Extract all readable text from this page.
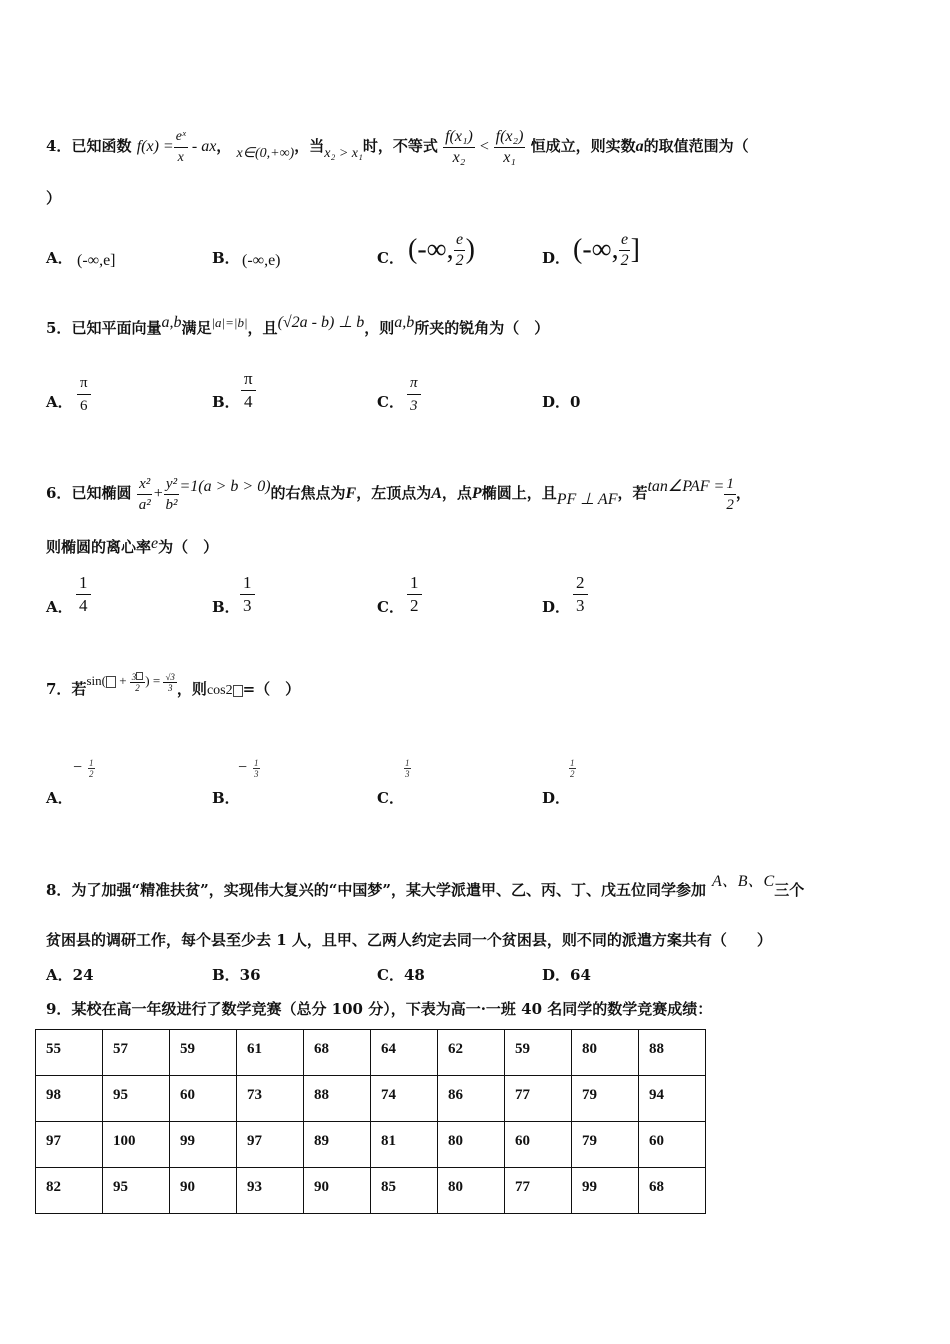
4．已知函数 $f(x) = \frac{\text{eˣ}}{x}$ - ax， x∈(0,+∞)，当x₂ > x₁时，不等式 $\frac{\text{f(x₁)}}{\text{x₂}} < \frac{\text{f(x₂)}}{\text{x₁}}$ 恒成立，则实数a的取值范围为（
）
A． (-∞,e]	B． (-∞,e)	C． (-∞, $\frac{e}{2}$ )	D． (-∞, $\frac{e}{2}$ ]
5．已知平面向量a,b满足|a|=|b|，且(√2a - b) ⊥ b，则a,b所夹的锐角为（　）
A．
π
6	B．
π
4	C．
π
3	D．0
6．已知椭圆 $\frac{\text{x²}}{\text{a²}} + \frac{\text{y²}}{\text{b²}} =1(a > b > 0)$的右焦点为F，左顶点为A，点P椭圆上，且PF ⊥ AF，若tan∠PAF = $\frac{1}{2}$ ，
则椭圆的离心率e为（　）
A．
1
4	B．
1
3	C．
1
2	D．
2
3
7．若$\sin( + \frac{3}{2}$ ) = $\frac{√3}{3}$ ，则cos2 =（　）
A．
− 1
2
B．
− 1
3
C．
1
3
D．
1
2
8．为了加强“精准扶贫”，实现伟大复兴的“中国梦”，某大学派遣甲、乙、丙、丁、戊五位同学参加 A、B、C三个
贫困县的调研工作，每个县至少去 1 人，且甲、乙两人约定去同一个贫困县，则不同的派遣方案共有（　　）
A．24	B．36	C．48	D．64
9．某校在高一年级进行了数学竞赛（总分 100 分），下表为高一·一班 40 名同学的数学竞赛成绩：
55	57	59	61	68	64	62	59	80	88
98	95	60	73	88	74	86	77	79	94
97	100	99	97	89	81	80	60	79	60
82	95	90	93	90	85	80	77	99	68
